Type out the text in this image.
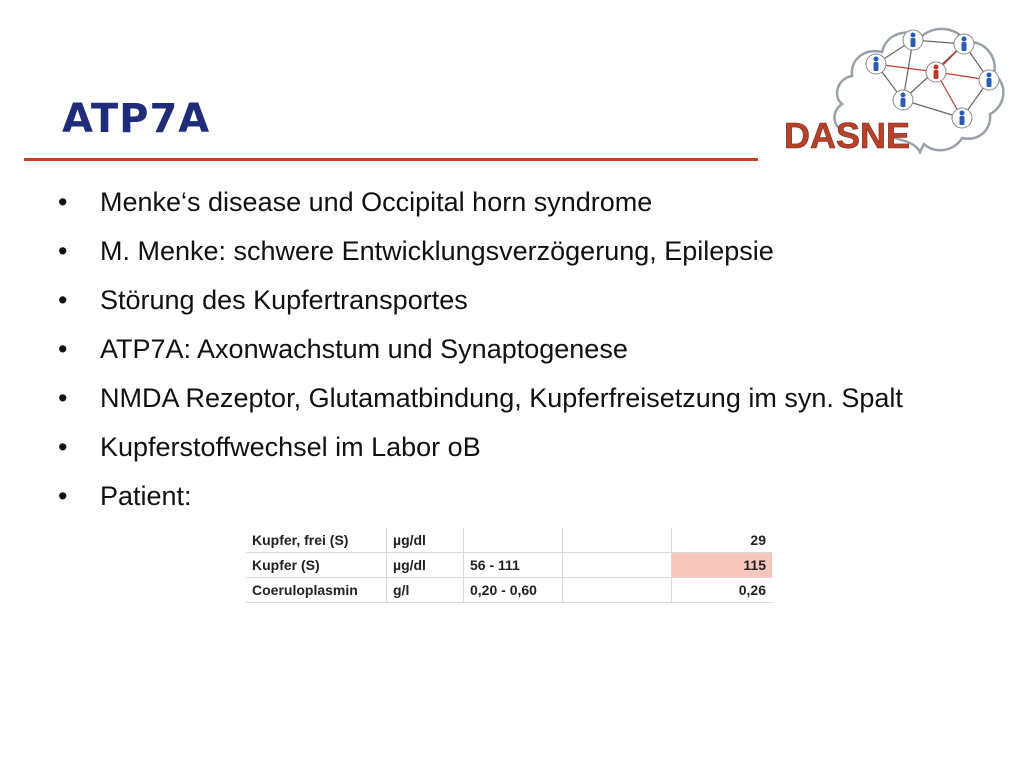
ATP7A	DASNE
• Menke‘s disease und Occipital horn syndrome
• M. Menke: schwere Entwicklungsverzögerung, Epilepsie
• Störung des Kupfertransportes
• ATP7A: Axonwachstum und Synaptogenese
• NMDA Rezeptor, Glutamatbindung, Kupferfreisetzung im syn. Spalt
• Kupferstoffwechsel im Labor oB
• Patient:
Kupfer, frei (S)	µg/dl			29
Kupfer (S)	µg/dl	56 - 111		115
Coeruloplasmin	g/l	0,20 - 0,60		0,26
